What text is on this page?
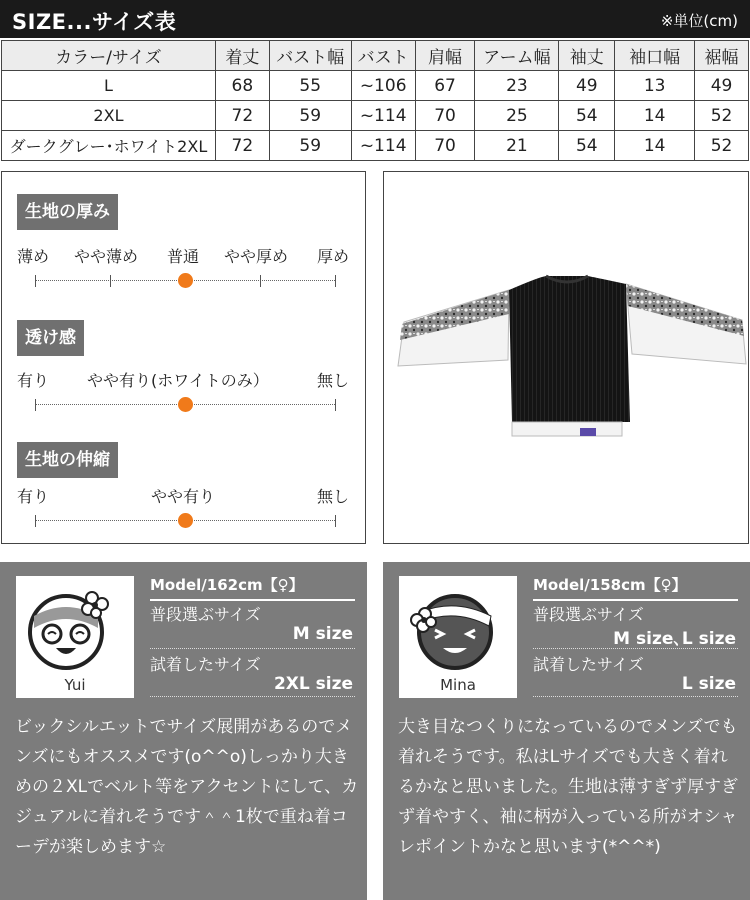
SIZE...サイズ表	※単位(cm)
カラー/サイズ	着丈	バスト幅	バスト	肩幅	アーム幅	袖丈	袖口幅	裾幅
L	68	55	~106	67	23	49	13	49
2XL	72	59	~114	70	25	54	14	52
ダークグレー･ホワイト2XL	72	59	~114	70	21	54	14	52
生地の厚み
薄め やや薄め 普通 やや厚め 厚め
透け感
有り やや有り(ホワイトのみ）	無し
生地の伸縮
有り	やや有り	無し
Yui
Model/162cm【♀】
普段選ぶサイズ
M size
試着したサイズ
2XL size
ビックシルエットでサイズ展開があるのでメンズにもオススメです(o^^o)しっかり大きめの２XLでベルト等をアクセントにして、カジュアルに着れそうです＾＾1枚で重ね着コーデが楽しめます☆
Mina
Model/158cm【♀】
普段選ぶサイズ
M size､L size
試着したサイズ
L size
大き目なつくりになっているのでメンズでも着れそうです。私はLサイズでも大きく着れるかなと思いました。生地は薄すぎず厚すぎず着やすく、袖に柄が入っている所がオシャレポイントかなと思います(*^^*)
